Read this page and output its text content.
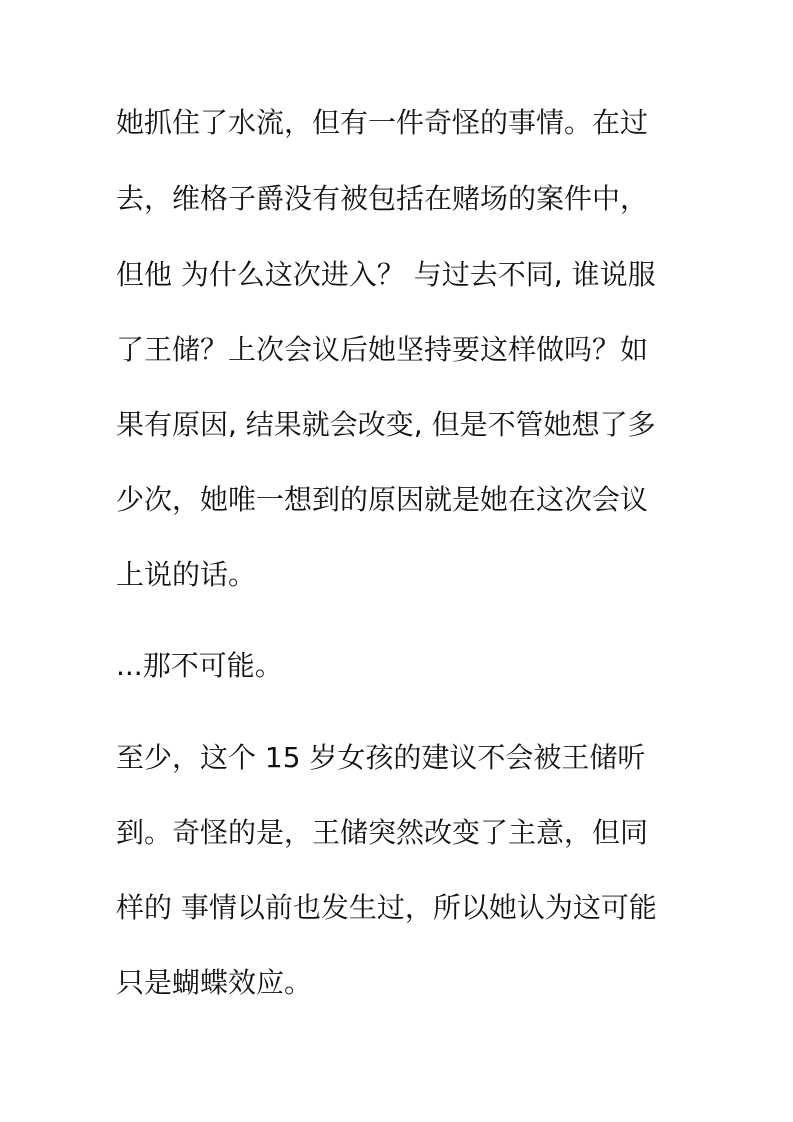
她抓住了水流，但有一件奇怪的事情。在过

去，维格子爵没有被包括在赌场的案件中，

但他 为什么这次进入？ 与过去不同, 谁说服

了王储？上次会议后她坚持要这样做吗？如

果有原因, 结果就会改变, 但是不管她想了多

少次，她唯一想到的原因就是她在这次会议

上说的话。

...那不可能。

至少，这个 15 岁女孩的建议不会被王储听

到。奇怪的是，王储突然改变了主意，但同

样的 事情以前也发生过，所以她认为这可能

只是蝴蝶效应。
